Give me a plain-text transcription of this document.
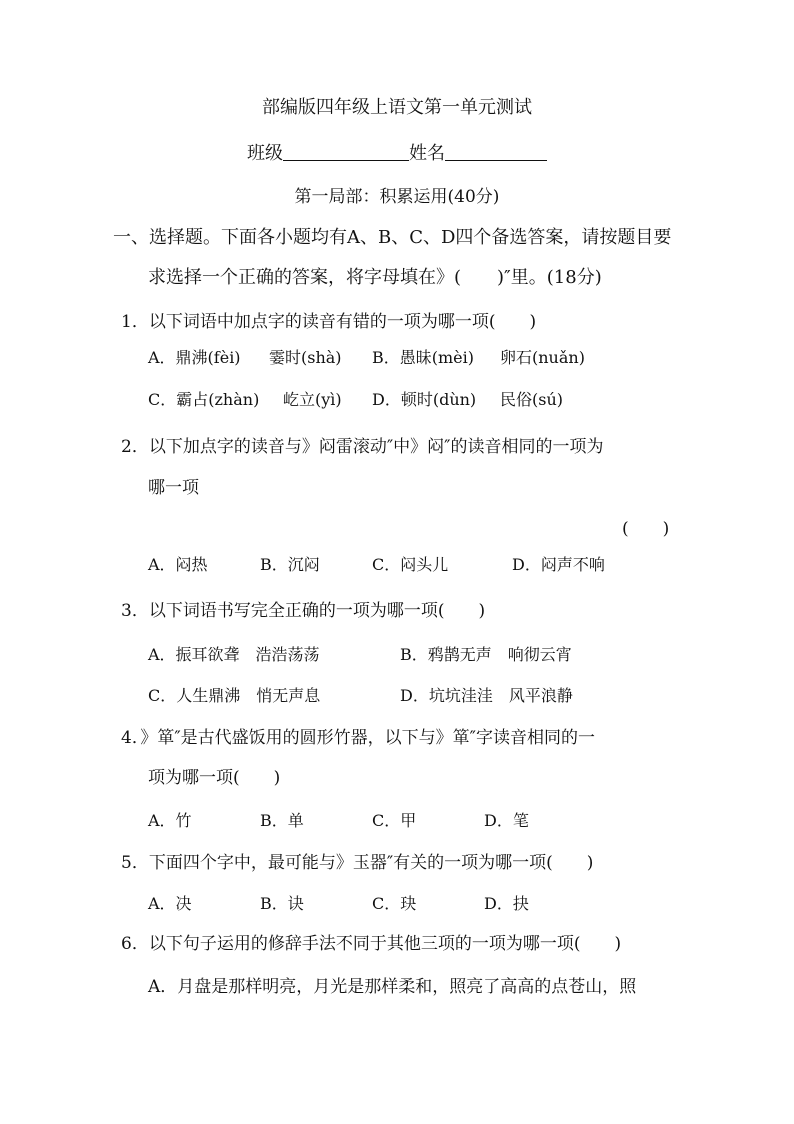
部编版四年级上语文第一单元测试
班级	姓名
第一局部：积累运用(40分)
一、选择题。下面各小题均有A、B、C、D四个备选答案，请按题目要
求选择一个正确的答案，将字母填在》(　　)″里。(18分)
1．以下词语中加点字的读音有错的一项为哪一项(　　)
A．鼎沸(fèi) 霎时(shà) B．愚昧(mèi) 卵石(nuǎn)
C．霸占(zhàn) 屹立(yì) D．顿时(dùn) 民俗(sú)
2．以下加点字的读音与》闷雷滚动″中》闷″的读音相同的一项为
哪一项
(　　)
A．闷热	B．沉闷	C．闷头儿	D．闷声不响
3．以下词语书写完全正确的一项为哪一项(　　)
A．振耳欲聋　浩浩荡荡	B．鸦鹊无声　响彻云宵
C．人生鼎沸　悄无声息	D．坑坑洼洼　风平浪静
4．》箪″是古代盛饭用的圆形竹器，以下与》箪″字读音相同的一
项为哪一项(　　)
A．竹	B．单	C．甲	D．笔
5．下面四个字中，最可能与》玉器″有关的一项为哪一项(　　)
A．决	B．诀	C．玦	D．抉
6．以下句子运用的修辞手法不同于其他三项的一项为哪一项(　　)
A．月盘是那样明亮，月光是那样柔和，照亮了高高的点苍山，照
